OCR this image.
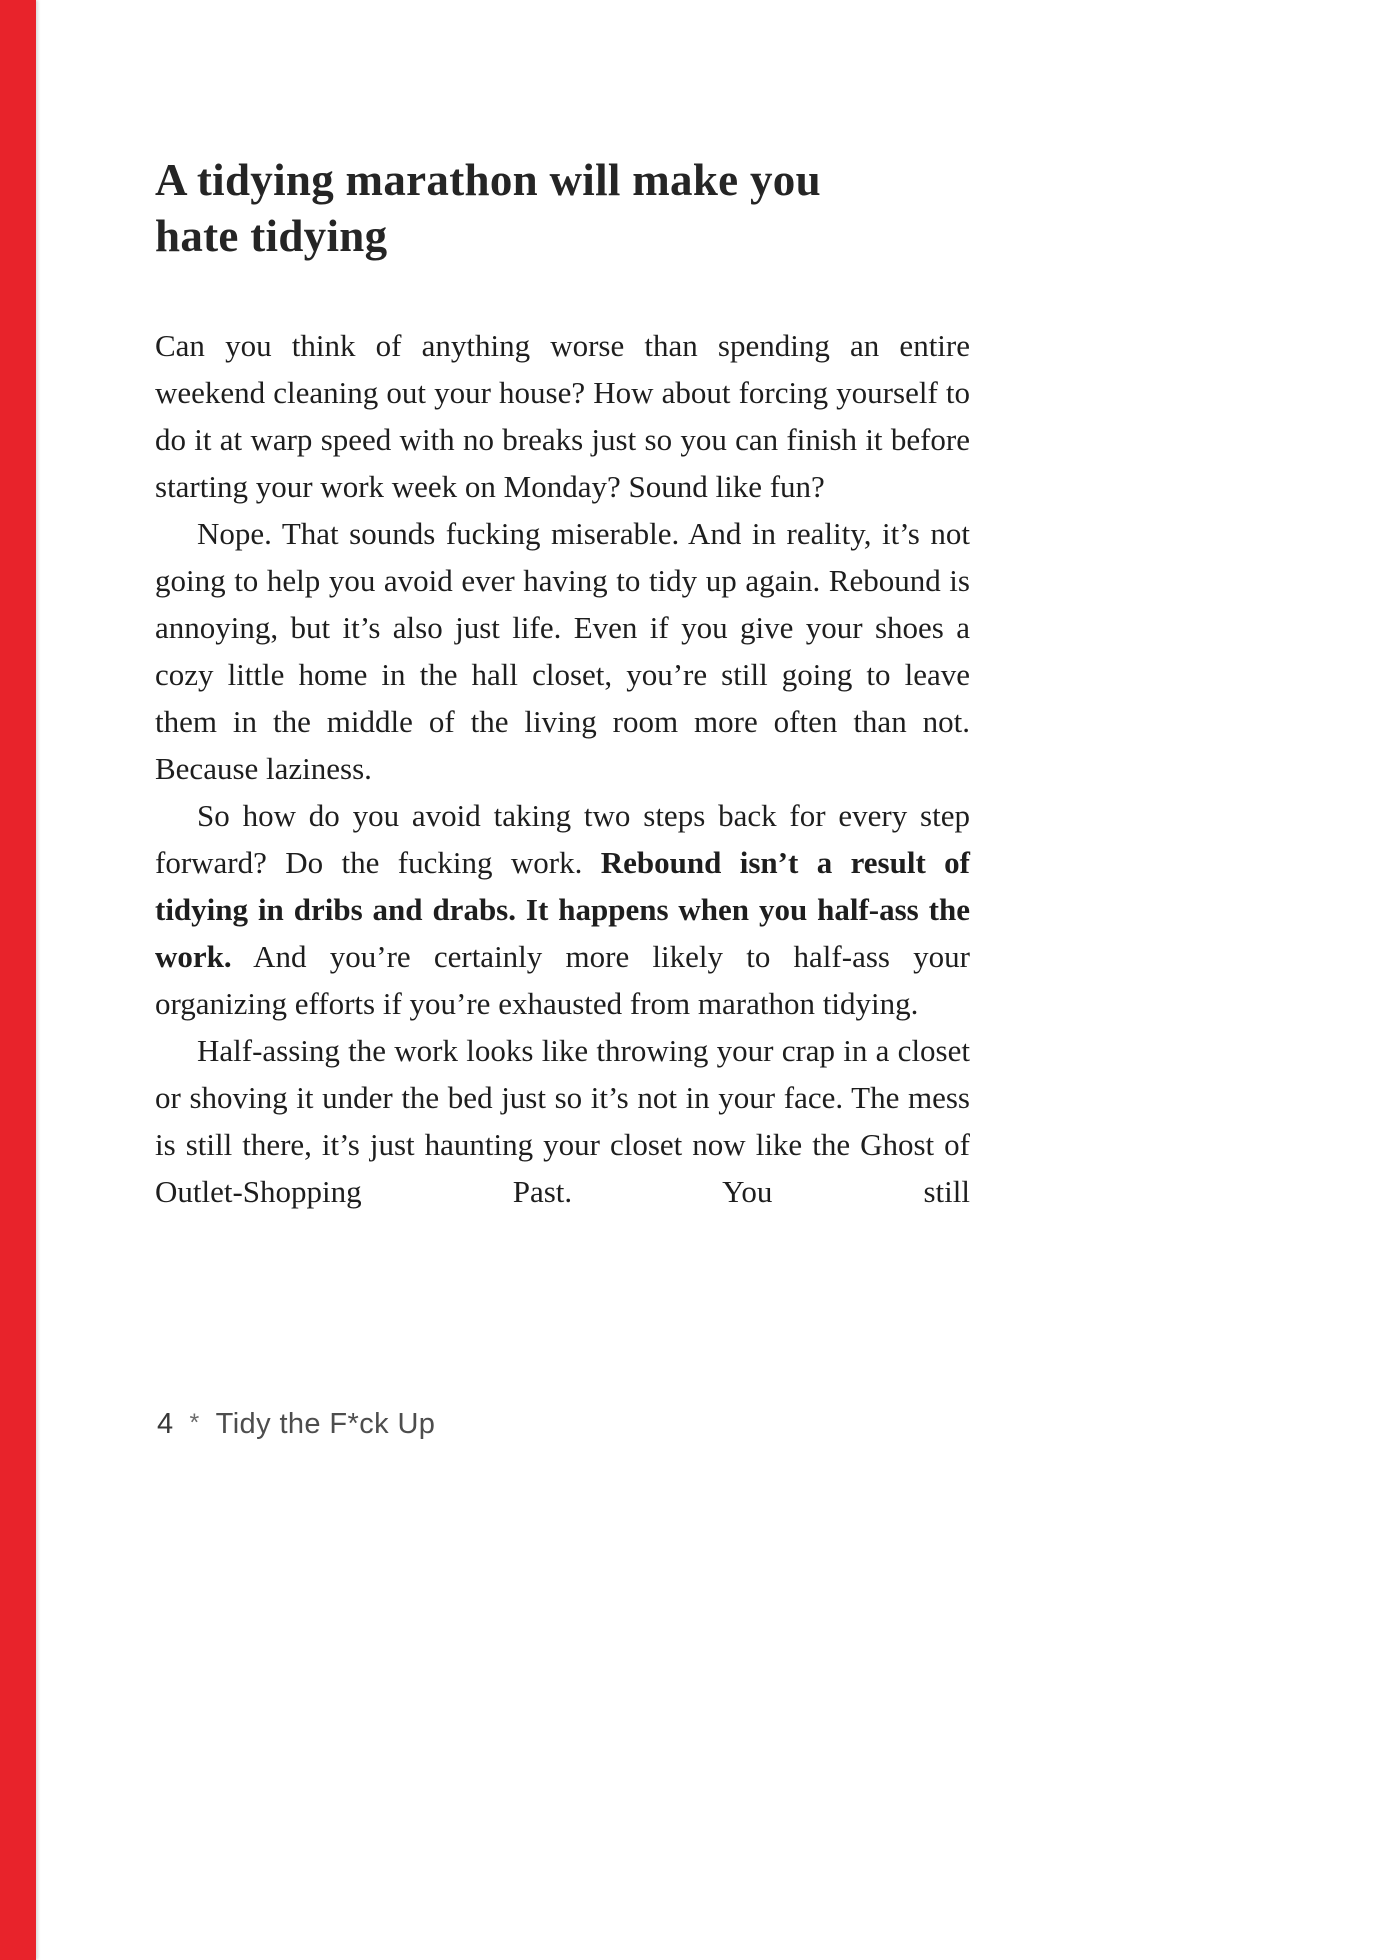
A tidying marathon will make you
hate tidying

Can you think of anything worse than spending an entire weekend cleaning out your house? How about forcing yourself to do it at warp speed with no breaks just so you can finish it before starting your work week on Monday? Sound like fun?

Nope. That sounds fucking miserable. And in reality, it’s not going to help you avoid ever having to tidy up again. Rebound is annoying, but it’s also just life. Even if you give your shoes a cozy little home in the hall closet, you’re still going to leave them in the middle of the living room more often than not. Because laziness.

So how do you avoid taking two steps back for every step forward? Do the fucking work. Rebound isn’t a result of tidying in dribs and drabs. It happens when you half-ass the work. And you’re certainly more likely to half-ass your organizing efforts if you’re exhausted from marathon tidying.

Half-assing the work looks like throwing your crap in a closet or shoving it under the bed just so it’s not in your face. The mess is still there, it’s just haunting your closet now like the Ghost of Outlet-Shopping Past. You still

4 * Tidy the F*ck Up
